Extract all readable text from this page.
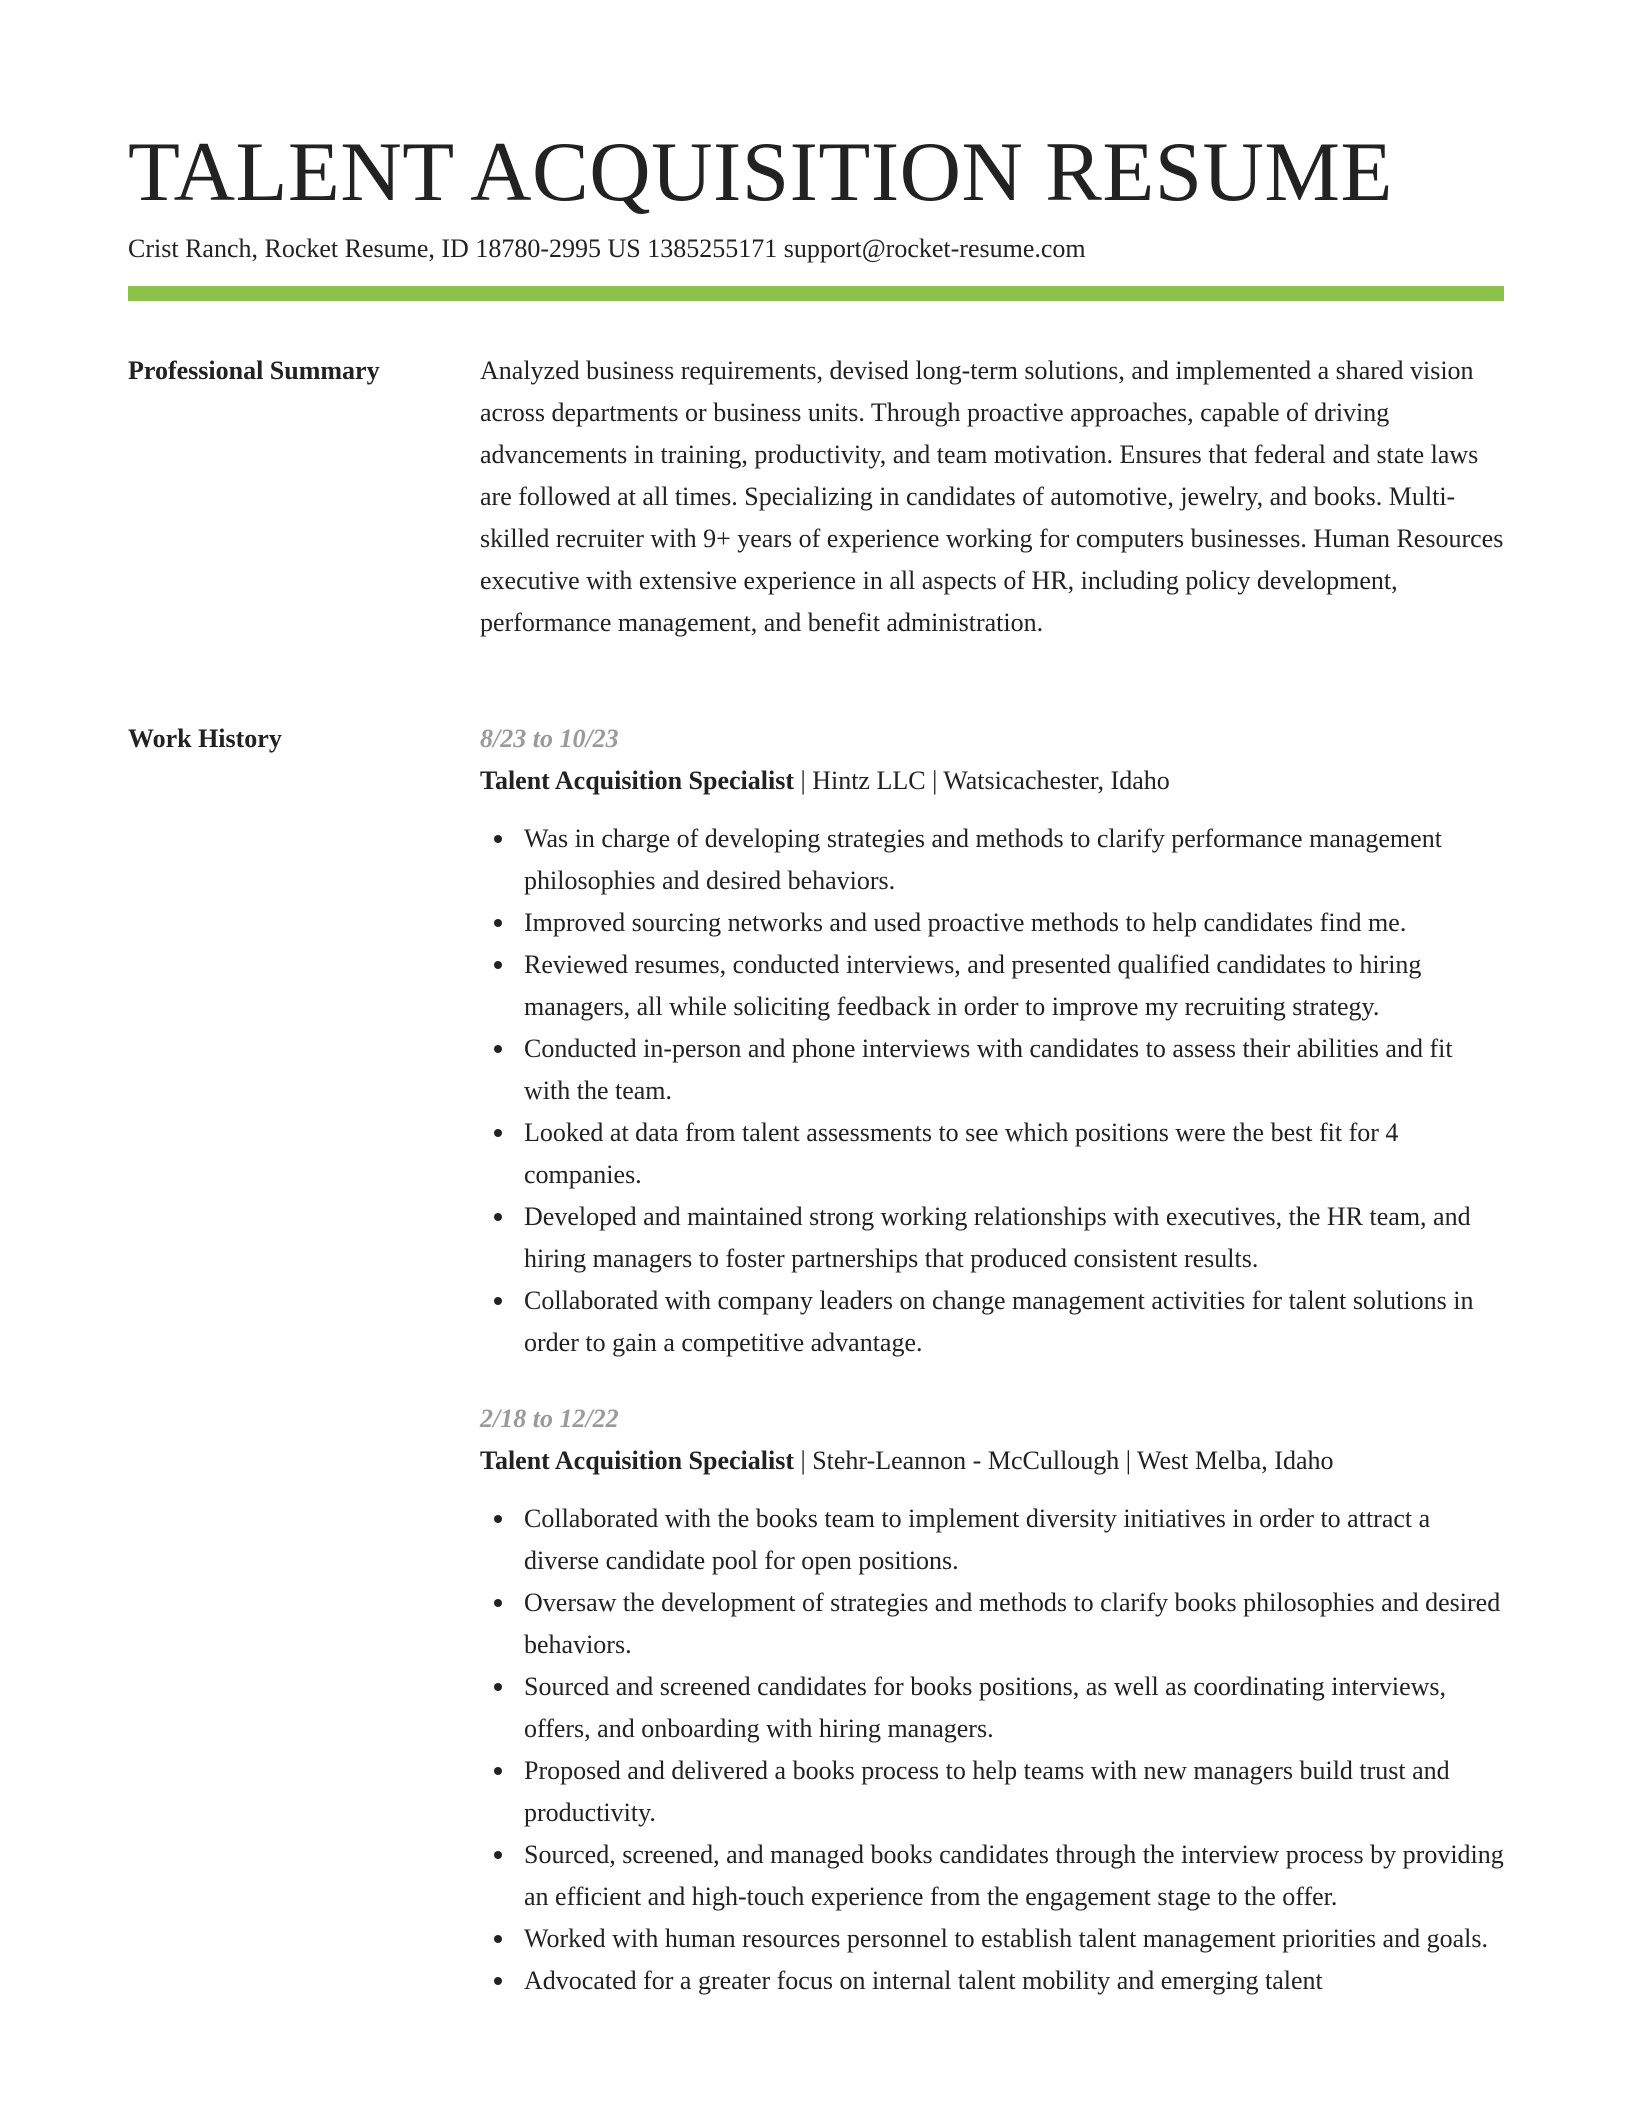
TALENT ACQUISITION RESUME
Crist Ranch, Rocket Resume, ID 18780-2995 US 1385255171 support@rocket-resume.com
Professional Summary	Analyzed business requirements, devised long-term solutions, and implemented a shared vision across departments or business units. Through proactive approaches, capable of driving advancements in training, productivity, and team motivation. Ensures that federal and state laws are followed at all times. Specializing in candidates of automotive, jewelry, and books. Multi-skilled recruiter with 9+ years of experience working for computers businesses. Human Resources executive with extensive experience in all aspects of HR, including policy development, performance management, and benefit administration.

Work History	8/23 to 10/23
Talent Acquisition Specialist | Hintz LLC | Watsicachester, Idaho
Was in charge of developing strategies and methods to clarify performance management philosophies and desired behaviors.
Improved sourcing networks and used proactive methods to help candidates find me.
Reviewed resumes, conducted interviews, and presented qualified candidates to hiring managers, all while soliciting feedback in order to improve my recruiting strategy.
Conducted in-person and phone interviews with candidates to assess their abilities and fit with the team.
Looked at data from talent assessments to see which positions were the best fit for 4 companies.
Developed and maintained strong working relationships with executives, the HR team, and hiring managers to foster partnerships that produced consistent results.
Collaborated with company leaders on change management activities for talent solutions in order to gain a competitive advantage.
2/18 to 12/22
Talent Acquisition Specialist | Stehr-Leannon - McCullough | West Melba, Idaho
Collaborated with the books team to implement diversity initiatives in order to attract a diverse candidate pool for open positions.
Oversaw the development of strategies and methods to clarify books philosophies and desired behaviors.
Sourced and screened candidates for books positions, as well as coordinating interviews, offers, and onboarding with hiring managers.
Proposed and delivered a books process to help teams with new managers build trust and productivity.
Sourced, screened, and managed books candidates through the interview process by providing an efficient and high-touch experience from the engagement stage to the offer.
Worked with human resources personnel to establish talent management priorities and goals.
Advocated for a greater focus on internal talent mobility and emerging talent
